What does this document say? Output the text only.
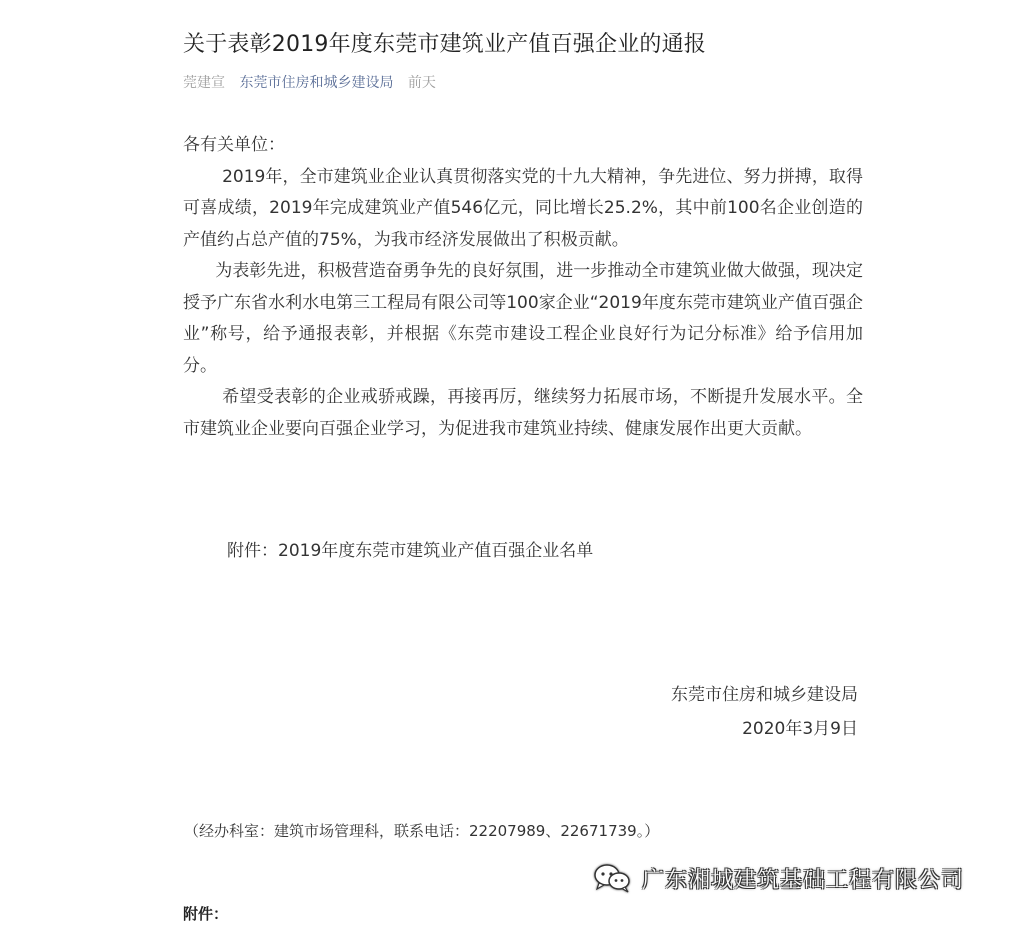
关于表彰2019年度东莞市建筑业产值百强企业的通报
莞建宣 东莞市住房和城乡建设局 前天

各有关单位：

2019年，全市建筑业企业认真贯彻落实党的十九大精神，争先进位、努力拼搏，取得可喜成绩，2019年完成建筑业产值546亿元，同比增长25.2%，其中前100名企业创造的产值约占总产值的75%，为我市经济发展做出了积极贡献。

为表彰先进，积极营造奋勇争先的良好氛围，进一步推动全市建筑业做大做强，现决定授予广东省水利水电第三工程局有限公司等100家企业“2019年度东莞市建筑业产值百强企业”称号，给予通报表彰，并根据《东莞市建设工程企业良好行为记分标准》给予信用加分。

希望受表彰的企业戒骄戒躁，再接再厉，继续努力拓展市场，不断提升发展水平。全市建筑业企业要向百强企业学习，为促进我市建筑业持续、健康发展作出更大贡献。

附件：2019年度东莞市建筑业产值百强企业名单
东莞市住房和城乡建设局
2020年3月9日
（经办科室：建筑市场管理科，联系电话：22207989、22671739。）
广东湘城建筑基础工程有限公司
附件：
